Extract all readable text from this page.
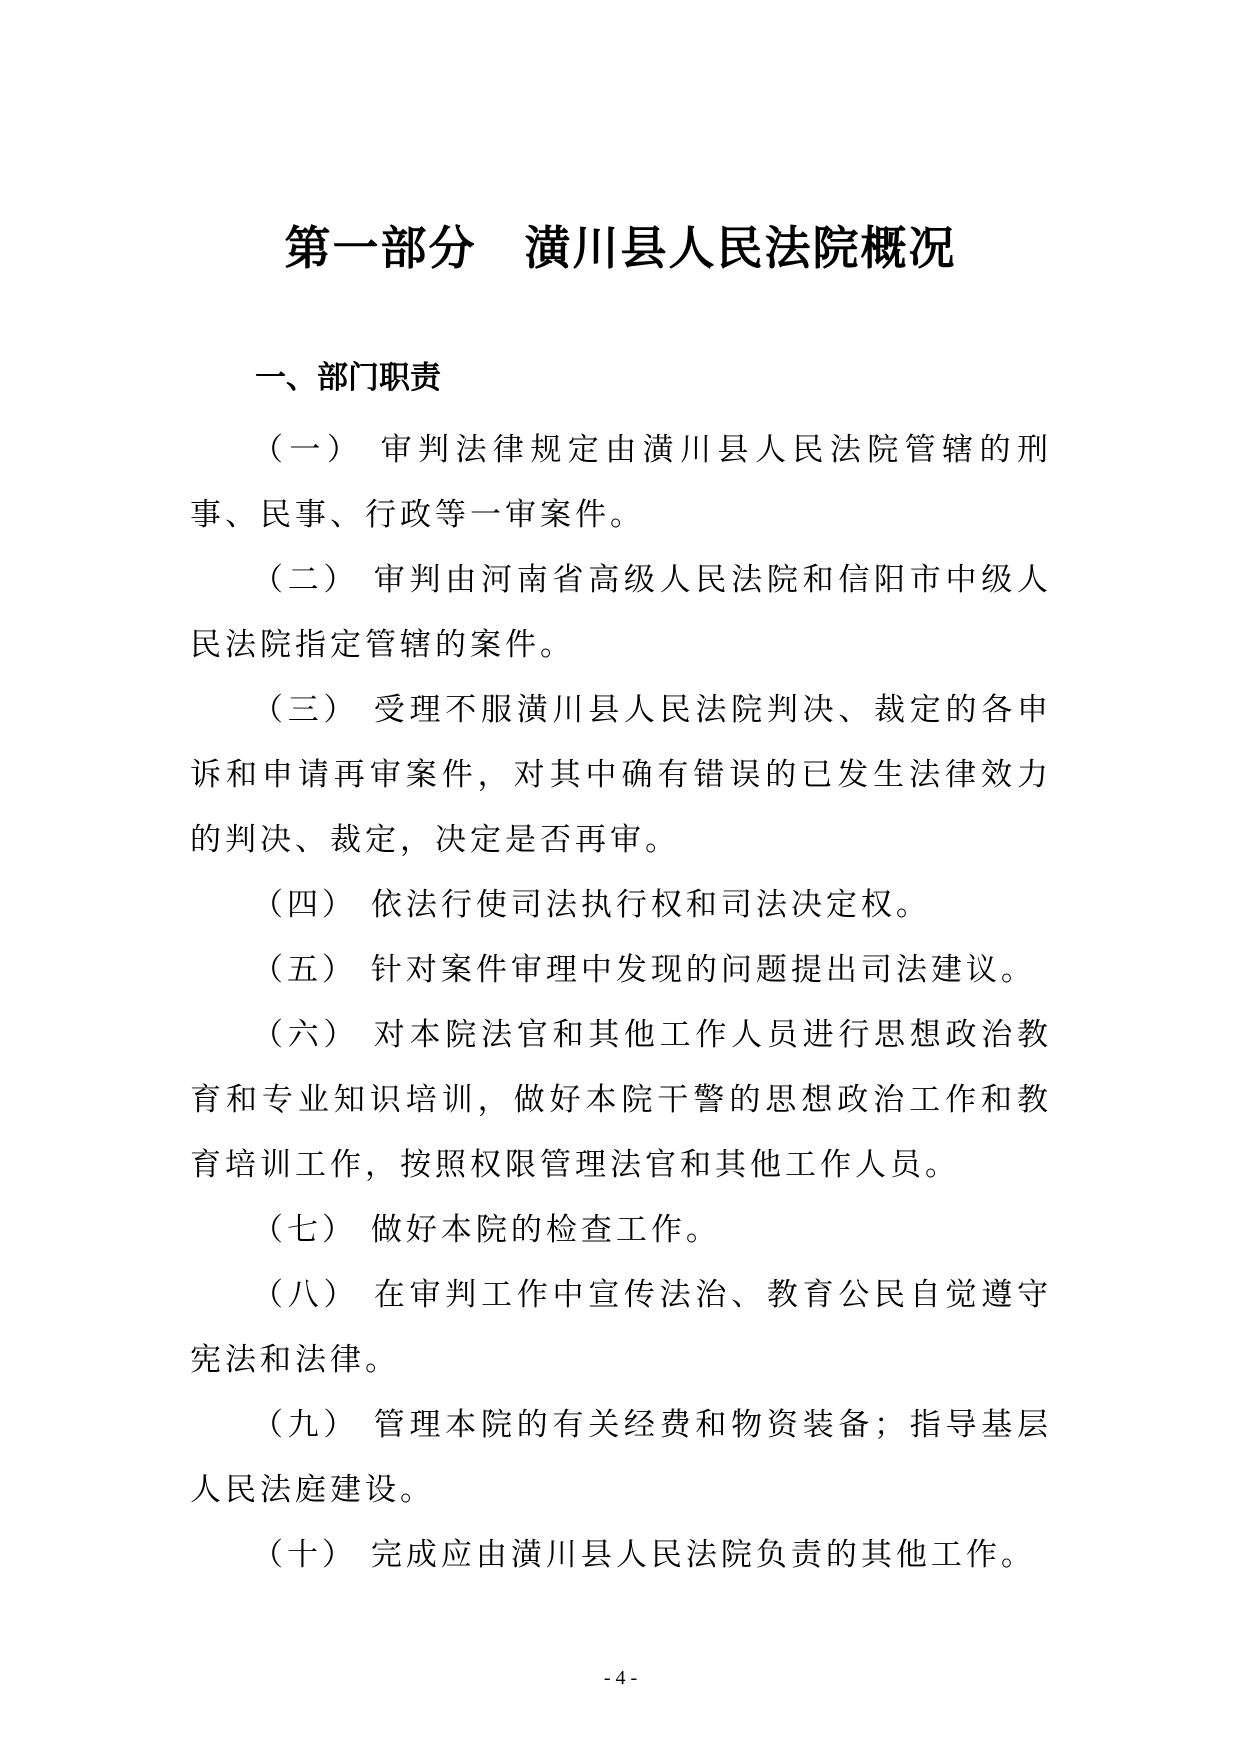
第一部分　潢川县人民法院概况
一、部门职责

（一） 审判法律规定由潢川县人民法院管辖的刑事、民事、行政等一审案件。

（二） 审判由河南省高级人民法院和信阳市中级人民法院指定管辖的案件。

（三） 受理不服潢川县人民法院判决、裁定的各申诉和申请再审案件，对其中确有错误的已发生法律效力的判决、裁定，决定是否再审。

（四） 依法行使司法执行权和司法决定权。

（五） 针对案件审理中发现的问题提出司法建议。

（六） 对本院法官和其他工作人员进行思想政治教育和专业知识培训，做好本院干警的思想政治工作和教育培训工作，按照权限管理法官和其他工作人员。

（七） 做好本院的检查工作。

（八） 在审判工作中宣传法治、教育公民自觉遵守宪法和法律。

（九） 管理本院的有关经费和物资装备；指导基层人民法庭建设。

（十） 完成应由潢川县人民法院负责的其他工作。

- 4 -
